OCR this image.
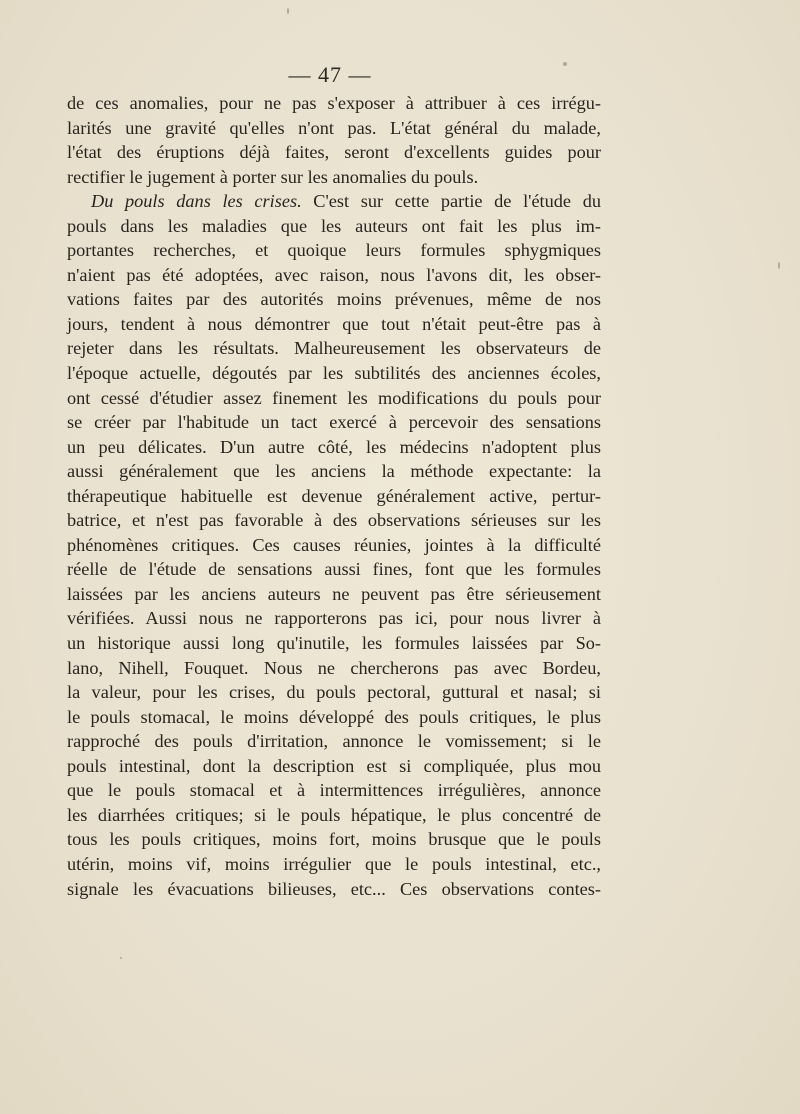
— 47 —
de ces anomalies, pour ne pas s'exposer à attribuer à ces irrégu-
larités une gravité qu'elles n'ont pas. L'état général du malade,
l'état des éruptions déjà faites, seront d'excellents guides pour
rectifier le jugement à porter sur les anomalies du pouls.
Du pouls dans les crises. C'est sur cette partie de l'étude du
pouls dans les maladies que les auteurs ont fait les plus im-
portantes recherches, et quoique leurs formules sphygmiques
n'aient pas été adoptées, avec raison, nous l'avons dit, les obser-
vations faites par des autorités moins prévenues, même de nos
jours, tendent à nous démontrer que tout n'était peut-être pas à
rejeter dans les résultats. Malheureusement les observateurs de
l'époque actuelle, dégoutés par les subtilités des anciennes écoles,
ont cessé d'étudier assez finement les modifications du pouls pour
se créer par l'habitude un tact exercé à percevoir des sensations
un peu délicates. D'un autre côté, les médecins n'adoptent plus
aussi généralement que les anciens la méthode expectante: la
thérapeutique habituelle est devenue généralement active, pertur-
batrice, et n'est pas favorable à des observations sérieuses sur les
phénomènes critiques. Ces causes réunies, jointes à la difficulté
réelle de l'étude de sensations aussi fines, font que les formules
laissées par les anciens auteurs ne peuvent pas être sérieusement
vérifiées. Aussi nous ne rapporterons pas ici, pour nous livrer à
un historique aussi long qu'inutile, les formules laissées par So-
lano, Nihell, Fouquet. Nous ne chercherons pas avec Bordeu,
la valeur, pour les crises, du pouls pectoral, guttural et nasal; si
le pouls stomacal, le moins développé des pouls critiques, le plus
rapproché des pouls d'irritation, annonce le vomissement; si le
pouls intestinal, dont la description est si compliquée, plus mou
que le pouls stomacal et à intermittences irrégulières, annonce
les diarrhées critiques; si le pouls hépatique, le plus concentré de
tous les pouls critiques, moins fort, moins brusque que le pouls
utérin, moins vif, moins irrégulier que le pouls intestinal, etc.,
signale les évacuations bilieuses, etc... Ces observations contes-
